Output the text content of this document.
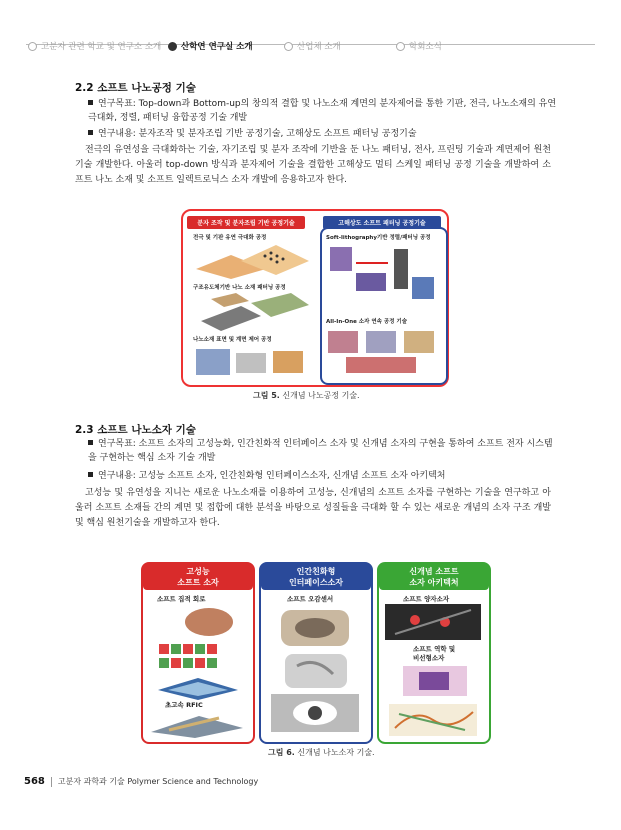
고분자 관련 학교 및 연구소 소개 산학연 연구실 소개	산업체 소개	학회소식
2.2 소프트 나노공정 기술
연구목표: Top-down과 Bottom-up의 창의적 결합 및 나노소재 계면의 분자제어를 통한 기판, 전극, 나노소재의 유연극대화, 정렬, 패터닝 융합공정 기술 개발
연구내용: 분자조작 및 분자조립 기반 공정기술, 고해상도 소프트 패터닝 공정기술
전극의 유연성을 극대화하는 기술, 자기조립 및 분자 조작에 기반을 둔 나노 패터닝, 전사, 프린팅 기술과 계면제어 원천기술 개발한다. 아울러 top-down 방식과 분자제어 기술을 결합한 고해상도 멀티 스케일 패터닝 공정 기술을 개발하여 소프트 나노 소재 및 소프트 일렉트로닉스 소자 개발에 응용하고자 한다.
분자 조작 및 분자조립 기반 공정기술	고해상도 소프트 패터닝 공정기술
전극 및 기판 유연 극대화 공정
구조유도체기반 나노 소재 패터닝 공정
나노소재 표면 및 계면 제어 공정
Soft-lithography기반 정렬/패터닝 공정
All-In-One 소자 연속 공정 기술
그림 5. 신개념 나노공정 기술.
2.3 소프트 나노소자 기술
연구목표: 소프트 소자의 고성능화, 인간친화적 인터페이스 소자 및 신개념 소자의 구현을 통하여 소프트 전자 시스템을 구현하는 핵심 소자 기술 개발
연구내용: 고성능 소프트 소자, 인간친화형 인터페이스소자, 신개념 소프트 소자 아키텍처
고성능 및 유연성을 지니는 새로운 나노소재를 이용하여 고성능, 신개념의 소프트 소자를 구현하는 기술을 연구하고 아울러 소프트 소재들 간의 계면 및 접합에 대한 분석을 바탕으로 성질들을 극대화 할 수 있는 새로운 개념의 소자 구조 개발 및 핵심 원천기술을 개발하고자 한다.
고성능
소프트 소자
소프트 집적 회로
초고속 RFIC
인간친화형
인터페이스소자
소프트 오감센서
신개념 소프트
소자 아키텍처
소프트 양자소자
소프트 역학 및
비선형소자
그림 6. 신개념 나노소자 기술.
568 고분자 과학과 기술 Polymer Science and Technology
